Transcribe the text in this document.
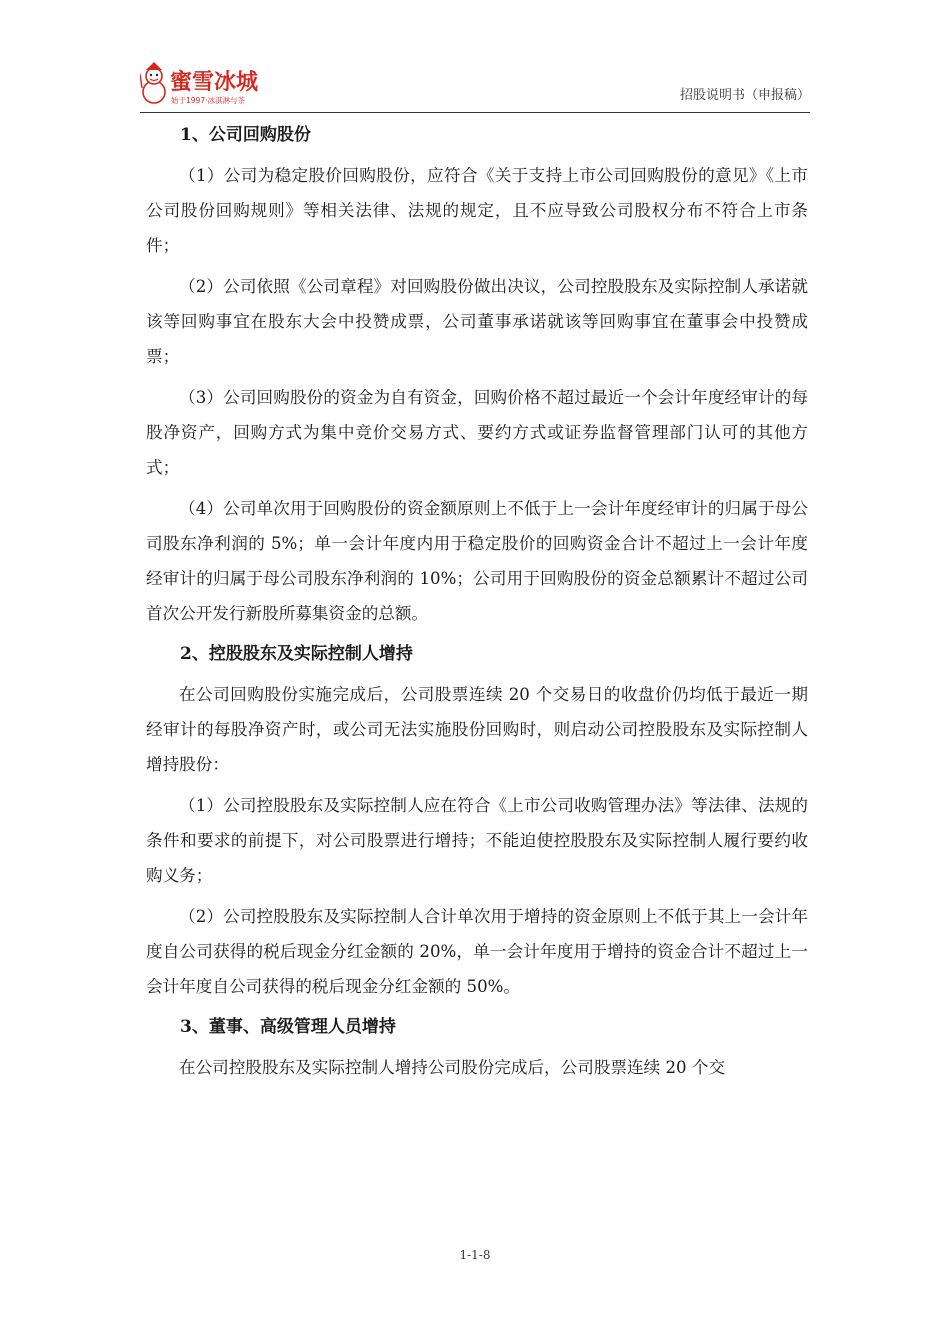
蜜雪冰城
始于1997·冰淇淋与茶	招股说明书（申报稿）
1、公司回购股份

（1）公司为稳定股价回购股份，应符合《关于支持上市公司回购股份的意见》《上市公司股份回购规则》等相关法律、法规的规定，且不应导致公司股权分布不符合上市条件；

（2）公司依照《公司章程》对回购股份做出决议，公司控股股东及实际控制人承诺就该等回购事宜在股东大会中投赞成票，公司董事承诺就该等回购事宜在董事会中投赞成票；

（3）公司回购股份的资金为自有资金，回购价格不超过最近一个会计年度经审计的每股净资产，回购方式为集中竞价交易方式、要约方式或证券监督管理部门认可的其他方式；

（4）公司单次用于回购股份的资金额原则上不低于上一会计年度经审计的归属于母公司股东净利润的 5%；单一会计年度内用于稳定股价的回购资金合计不超过上一会计年度经审计的归属于母公司股东净利润的 10%；公司用于回购股份的资金总额累计不超过公司首次公开发行新股所募集资金的总额。

2、控股股东及实际控制人增持

在公司回购股份实施完成后，公司股票连续 20 个交易日的收盘价仍均低于最近一期经审计的每股净资产时，或公司无法实施股份回购时，则启动公司控股股东及实际控制人增持股份：

（1）公司控股股东及实际控制人应在符合《上市公司收购管理办法》等法律、法规的条件和要求的前提下，对公司股票进行增持；不能迫使控股股东及实际控制人履行要约收购义务；

（2）公司控股股东及实际控制人合计单次用于增持的资金原则上不低于其上一会计年度自公司获得的税后现金分红金额的 20%，单一会计年度用于增持的资金合计不超过上一会计年度自公司获得的税后现金分红金额的 50%。

3、董事、高级管理人员增持

在公司控股股东及实际控制人增持公司股份完成后，公司股票连续 20 个交

1-1-8
